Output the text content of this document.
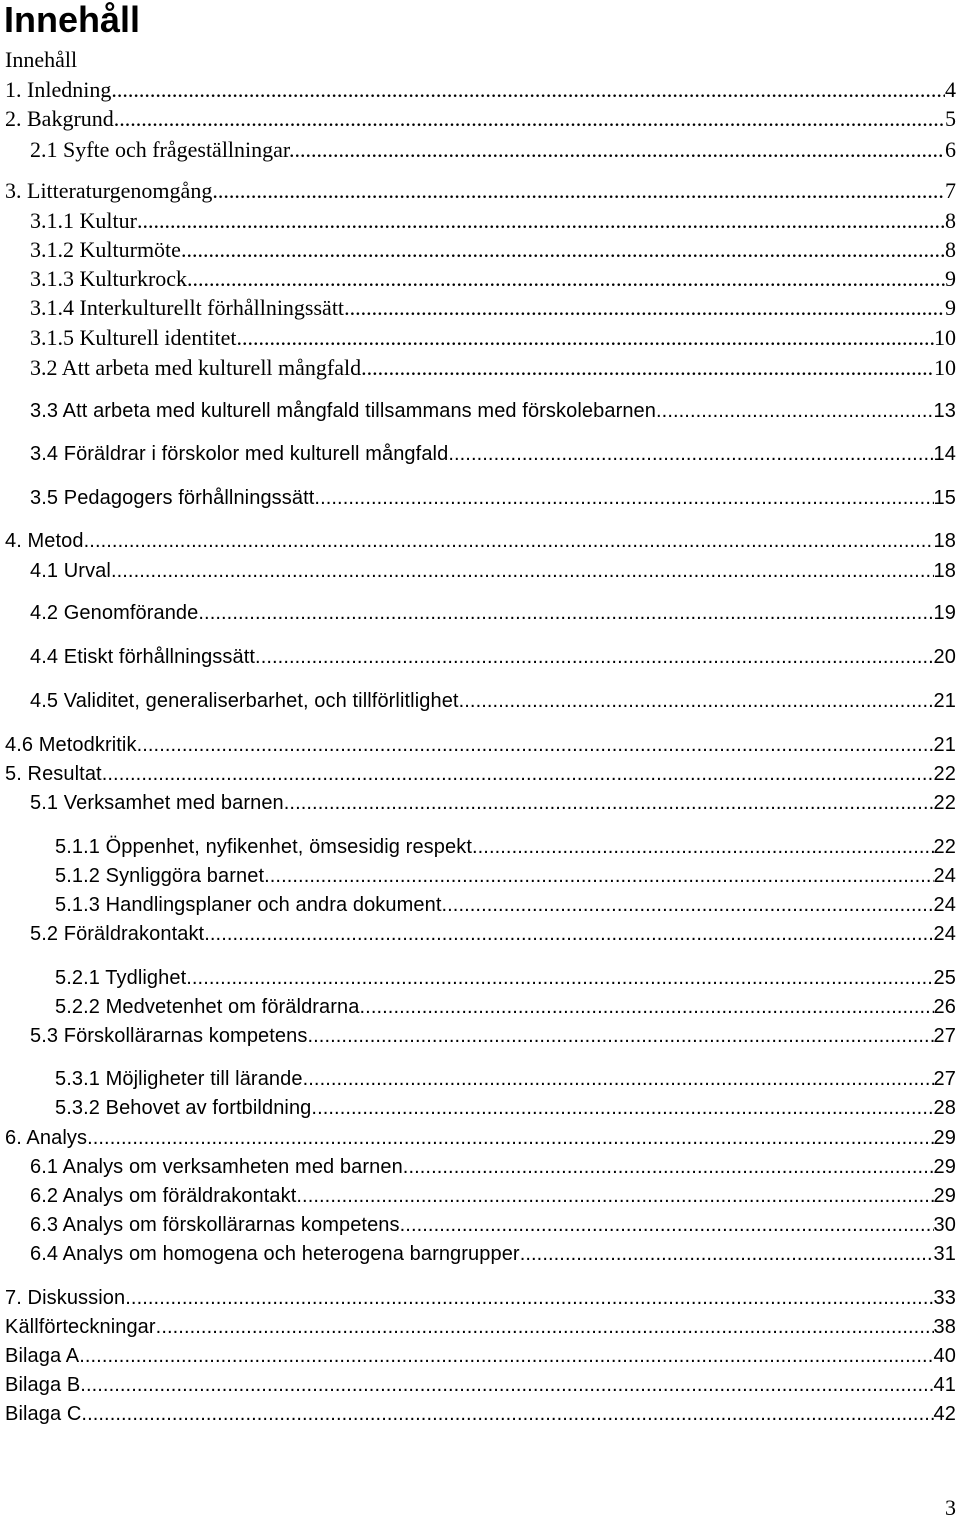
Innehåll
Innehåll
1. Inledning .....	4
2. Bakgrund .....	5
2.1 Syfte och frågeställningar. .....	6
3. Litteraturgenomgång .....	7
3.1.1 Kultur .....	8
3.1.2 Kulturmöte .....	8
3.1.3 Kulturkrock .....	9
3.1.4 Interkulturellt förhållningssätt .....	9
3.1.5 Kulturell identitet .....	10
3.2 Att arbeta med kulturell mångfald .....	10
3.3 Att arbeta med kulturell mångfald tillsammans med förskolebarnen .....	13
3.4 Föräldrar i förskolor med kulturell mångfald .....	14
3.5 Pedagogers förhållningssätt .....	15
4. Metod .....	18
4.1 Urval .....	18
4.2 Genomförande .....	19
4.4 Etiskt förhållningssätt .....	20
4.5 Validitet, generaliserbarhet, och tillförlitlighet .....	21
4.6 Metodkritik .....	21
5. Resultat .....	22
5.1 Verksamhet med barnen .....	22
5.1.1 Öppenhet, nyfikenhet, ömsesidig respekt .....	22
5.1.2 Synliggöra barnet .....	24
5.1.3 Handlingsplaner och andra dokument .....	24
5.2 Föräldrakontakt .....	24
5.2.1 Tydlighet .....	25
5.2.2 Medvetenhet om föräldrarna .....	26
5.3 Förskollärarnas kompetens .....	27
5.3.1 Möjligheter till lärande .....	27
5.3.2 Behovet av fortbildning .....	28
6. Analys .....	29
6.1 Analys om verksamheten med barnen .....	29
6.2 Analys om föräldrakontakt .....	29
6.3 Analys om förskollärarnas kompetens .....	30
6.4 Analys om homogena och heterogena barngrupper .....	31
7. Diskussion .....	33
Källförteckningar .....	38
Bilaga A .....	40
Bilaga B .....	41
Bilaga C .....	42
3
